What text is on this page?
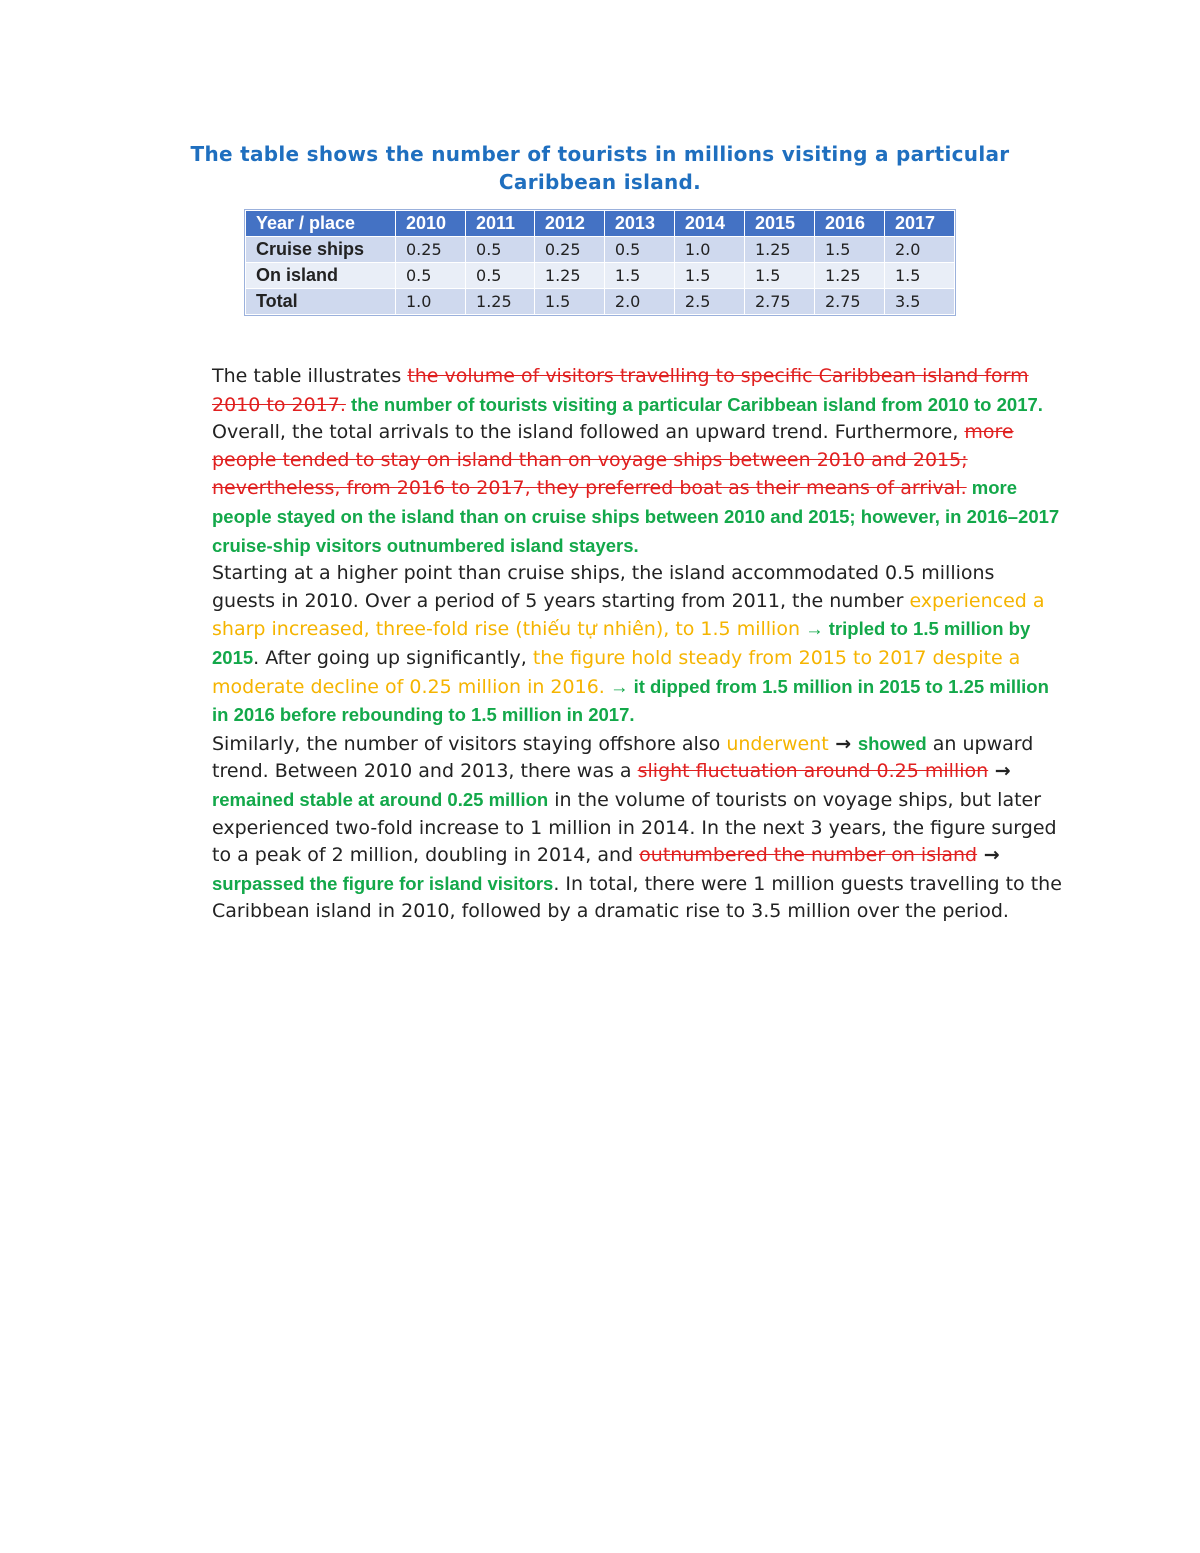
The table shows the number of tourists in millions visiting a particular Caribbean island.
Year / place	2010	2011	2012	2013	2014	2015	2016	2017
Cruise ships	0.25	0.5	0.25	0.5	1.0	1.25	1.5	2.0
On island	0.5	0.5	1.25	1.5	1.5	1.5	1.25	1.5
Total	1.0	1.25	1.5	2.0	2.5	2.75	2.75	3.5

The table illustrates the volume of visitors travelling to specific Caribbean island form 2010 to 2017. the number of tourists visiting a particular Caribbean island from 2010 to 2017.

Overall, the total arrivals to the island followed an upward trend. Furthermore, more people tended to stay on island than on voyage ships between 2010 and 2015; nevertheless, from 2016 to 2017, they preferred boat as their means of arrival. more people stayed on the island than on cruise ships between 2010 and 2015; however, in 2016–2017 cruise-ship visitors outnumbered island stayers.

Starting at a higher point than cruise ships, the island accommodated 0.5 millions guests in 2010. Over a period of 5 years starting from 2011, the number experienced a sharp increased, three-fold rise (thiếu tự nhiên), to 1.5 million → tripled to 1.5 million by 2015. After going up significantly, the figure hold steady from 2015 to 2017 despite a moderate decline of 0.25 million in 2016. → it dipped from 1.5 million in 2015 to 1.25 million in 2016 before rebounding to 1.5 million in 2017.

Similarly, the number of visitors staying offshore also underwent → showed an upward trend. Between 2010 and 2013, there was a slight fluctuation around 0.25 million → remained stable at around 0.25 million in the volume of tourists on voyage ships, but later experienced two-fold increase to 1 million in 2014. In the next 3 years, the figure surged to a peak of 2 million, doubling in 2014, and outnumbered the number on island → surpassed the figure for island visitors. In total, there were 1 million guests travelling to the Caribbean island in 2010, followed by a dramatic rise to 3.5 million over the period.
